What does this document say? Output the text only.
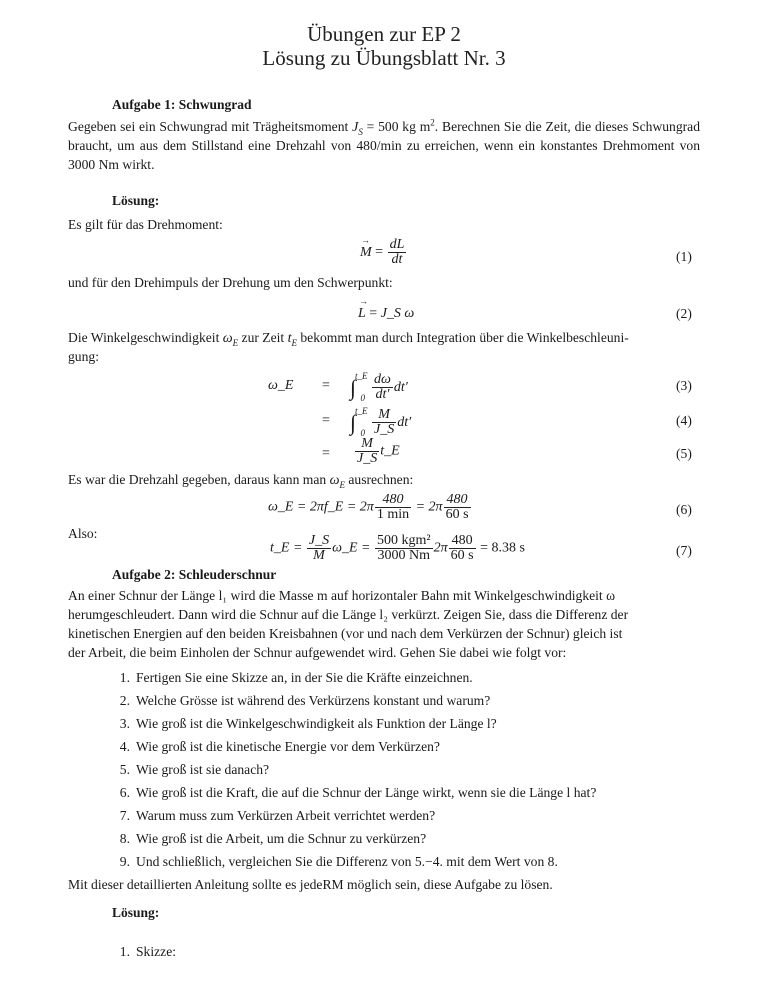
Übungen zur EP 2
Lösung zu Übungsblatt Nr. 3
Aufgabe 1: Schwungrad
Gegeben sei ein Schwungrad mit Trägheitsmoment $J_S = 500$ kg $m^2$. Berechnen Sie die Zeit, die dieses Schwungrad braucht, um aus dem Stillstand eine Drehzahl von 480/min zu erreichen, wenn ein konstantes Drehmoment von 3000 Nm wirkt.
Lösung:
Es gilt für das Drehmoment:
→ $M = \frac{dL}{dt}$	(1)
und für den Drehimpuls der Drehung um den Schwerpunkt:
→ L = J_S ω	(2)
Die Winkelgeschwindigkeit $\omega_E$ zur Zeit $t_E$ bekommt man durch Integration über die Winkelbeschleuni-
gung:
ω_E = $\int^{t\_E}_0 \frac{d\omega}{dt'} dt'$	(3)
= $\int^{t\_E}_0 \frac{M}{J\_S} dt'$	(4)
= $\frac{M}{J\_S}$ t_E	(5)
Es war die Drehzahl gegeben, daraus kann man $\omega_E$ ausrechnen:
ω_E = 2πf_E = $2\pi \frac{480}{1 \min} = 2\pi \frac{480}{60 s}$	(6)
Also:
t_E = $\frac{J\_S}{M}$ ω_E = $\frac{\text{500 kgm²}}{3000 Nm} 2\pi \frac{480}{60 s} = 8.38$ s	(7)
Aufgabe 2: Schleuderschnur
An einer Schnur der Länge l₁ wird die Masse m auf horizontaler Bahn mit Winkelgeschwindigkeit ω
herumgeschleudert. Dann wird die Schnur auf die Länge l₂ verkürzt. Zeigen Sie, dass die Differenz der
kinetischen Energien auf den beiden Kreisbahnen (vor und nach dem Verkürzen der Schnur) gleich ist
der Arbeit, die beim Einholen der Schnur aufgewendet wird. Gehen Sie dabei wie folgt vor:
1. Fertigen Sie eine Skizze an, in der Sie die Kräfte einzeichnen.
2. Welche Grösse ist während des Verkürzens konstant und warum?
3. Wie groß ist die Winkelgeschwindigkeit als Funktion der Länge l?
4. Wie groß ist die kinetische Energie vor dem Verkürzen?
5. Wie groß ist sie danach?
6. Wie groß ist die Kraft, die auf die Schnur der Länge wirkt, wenn sie die Länge l hat?
7. Warum muss zum Verkürzen Arbeit verrichtet werden?
8. Wie groß ist die Arbeit, um die Schnur zu verkürzen?
9. Und schließlich, vergleichen Sie die Differenz von 5.−4. mit dem Wert von 8.
Mit dieser detaillierten Anleitung sollte es jedeRM möglich sein, diese Aufgabe zu lösen.
Lösung:
1. Skizze:
